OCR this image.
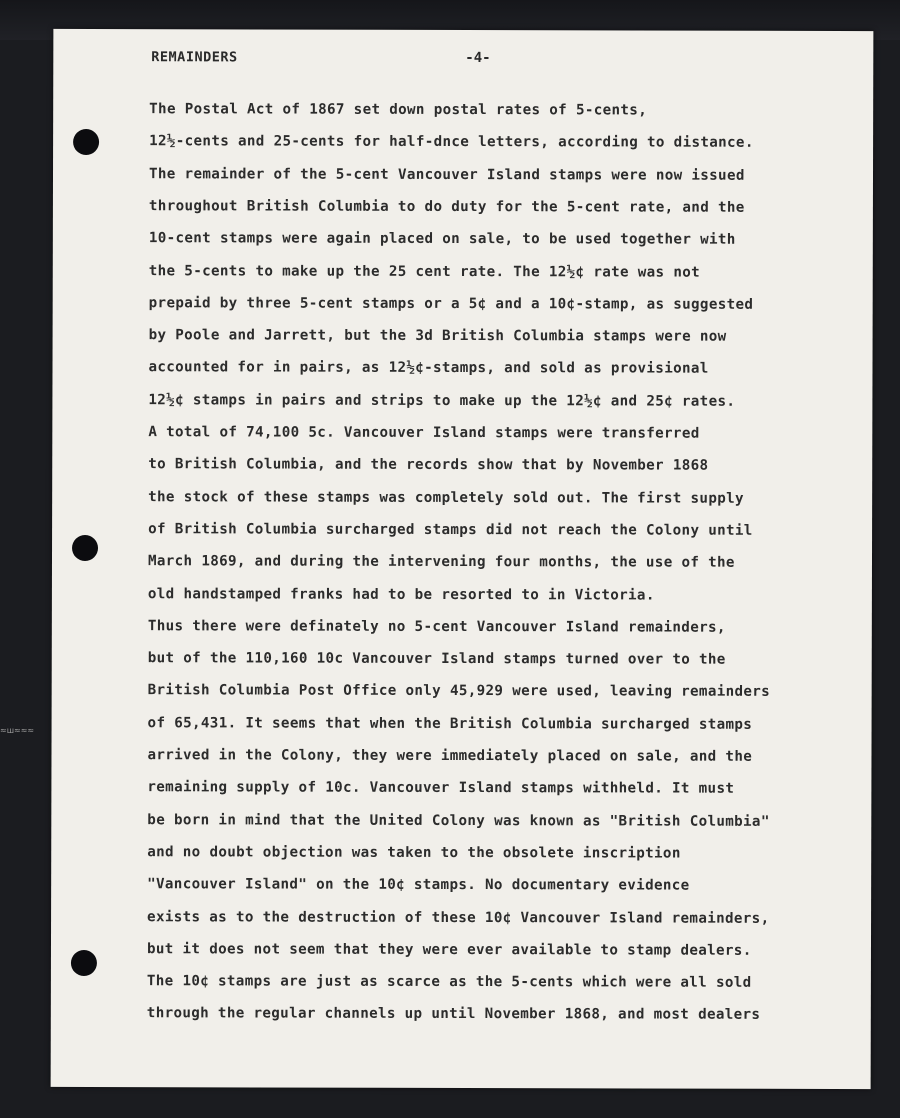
≈ш≈≈≈
REMAINDERS	-4-
The Postal Act of 1867 set down postal rates of 5-cents,
12½-cents and 25-cents for half-dnce letters, according to distance.
The remainder of the 5-cent Vancouver Island stamps were now issued
throughout British Columbia to do duty for the 5-cent rate, and the
10-cent stamps were again placed on sale, to be used together with
the 5-cents to make up the 25 cent rate. The 12½¢ rate was not
prepaid by three 5-cent stamps or a 5¢ and a 10¢-stamp, as suggested
by Poole and Jarrett, but the 3d British Columbia stamps were now
accounted for in pairs, as 12½¢-stamps, and sold as provisional
12½¢ stamps in pairs and strips to make up the 12½¢ and 25¢ rates.
A total of 74,100 5c. Vancouver Island stamps were transferred
to British Columbia, and the records show that by November 1868
the stock of these stamps was completely sold out. The first supply
of British Columbia surcharged stamps did not reach the Colony until
March 1869, and during the intervening four months, the use of the
old handstamped franks had to be resorted to in Victoria.
Thus there were definately no 5-cent Vancouver Island remainders,
but of the 110,160 10c Vancouver Island stamps turned over to the
British Columbia Post Office only 45,929 were used, leaving remainders
of 65,431. It seems that when the British Columbia surcharged stamps
arrived in the Colony, they were immediately placed on sale, and the
remaining supply of 10c. Vancouver Island stamps withheld. It must
be born in mind that the United Colony was known as "British Columbia"
and no doubt objection was taken to the obsolete inscription
"Vancouver Island" on the 10¢ stamps. No documentary evidence
exists as to the destruction of these 10¢ Vancouver Island remainders,
but it does not seem that they were ever available to stamp dealers.
The 10¢ stamps are just as scarce as the 5-cents which were all sold
through the regular channels up until November 1868, and most dealers
